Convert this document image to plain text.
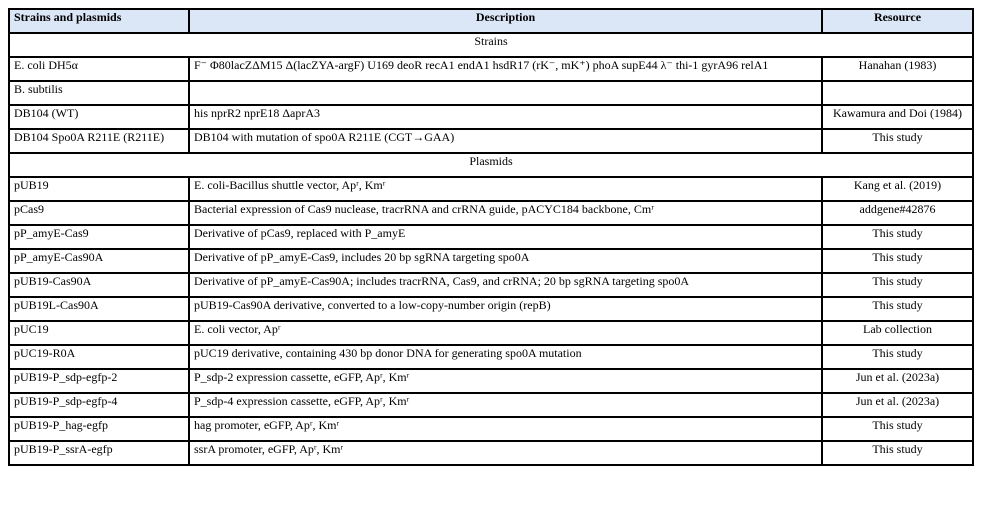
Strains and plasmids	Description	Resource
Strains		
E. coli DH5α	F⁻ Φ80lacZΔM15 Δ(lacZYA-argF) U169 deoR recA1 endA1 hsdR17 (rK⁻, mK⁺) phoA supE44 λ⁻ thi-1 gyrA96 relA1	Hanahan (1983)
B. subtilis		
DB104 (WT)	his nprR2 nprE18 ΔaprA3	Kawamura and Doi (1984)
DB104 Spo0A R211E (R211E)	DB104 with mutation of spo0A R211E (CGT→GAA)	This study
Plasmids		
pUB19	E. coli-Bacillus shuttle vector, Apʳ, Kmʳ	Kang et al. (2019)
pCas9	Bacterial expression of Cas9 nuclease, tracrRNA and crRNA guide, pACYC184 backbone, Cmʳ	addgene#42876
pP_amyE-Cas9	Derivative of pCas9, replaced with P_amyE	This study
pP_amyE-Cas90A	Derivative of pP_amyE-Cas9, includes 20 bp sgRNA targeting spo0A	This study
pUB19-Cas90A	Derivative of pP_amyE-Cas90A; includes tracrRNA, Cas9, and crRNA; 20 bp sgRNA targeting spo0A	This study
pUB19L-Cas90A	pUB19-Cas90A derivative, converted to a low-copy-number origin (repB)	This study
pUC19	E. coli vector, Apʳ	Lab collection
pUC19-R0A	pUC19 derivative, containing 430 bp donor DNA for generating spo0A mutation	This study
pUB19-P_sdp-egfp-2	P_sdp-2 expression cassette, eGFP, Apʳ, Kmʳ	Jun et al. (2023a)
pUB19-P_sdp-egfp-4	P_sdp-4 expression cassette, eGFP, Apʳ, Kmʳ	Jun et al. (2023a)
pUB19-P_hag-egfp	hag promoter, eGFP, Apʳ, Kmʳ	This study
pUB19-P_ssrA-egfp	ssrA promoter, eGFP, Apʳ, Kmʳ	This study
